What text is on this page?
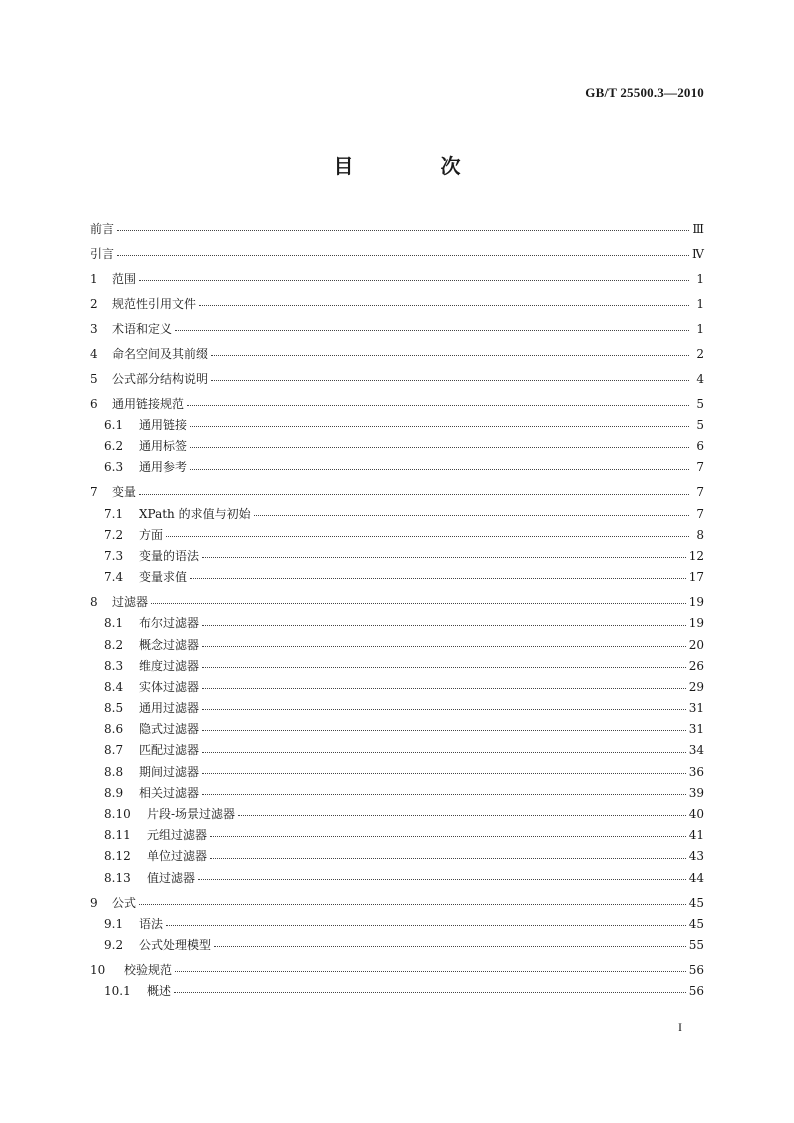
GB/T 25500.3—2010
目 次
前言	Ⅲ
引言	Ⅳ
1	范围	1
2	规范性引用文件	1
3	术语和定义	1
4	命名空间及其前缀	2
5	公式部分结构说明	4
6	通用链接规范	5
6.1	通用链接	5
6.2	通用标签	6
6.3	通用参考	7
7	变量	7
7.1	XPath 的求值与初始	7
7.2	方面	8
7.3	变量的语法	12
7.4	变量求值	17
8	过滤器	19
8.1	布尔过滤器	19
8.2	概念过滤器	20
8.3	维度过滤器	26
8.4	实体过滤器	29
8.5	通用过滤器	31
8.6	隐式过滤器	31
8.7	匹配过滤器	34
8.8	期间过滤器	36
8.9	相关过滤器	39
8.10	片段-场景过滤器	40
8.11	元组过滤器	41
8.12	单位过滤器	43
8.13	值过滤器	44
9	公式	45
9.1	语法	45
9.2	公式处理模型	55
10	校验规范	56
10.1	概述	56
I
